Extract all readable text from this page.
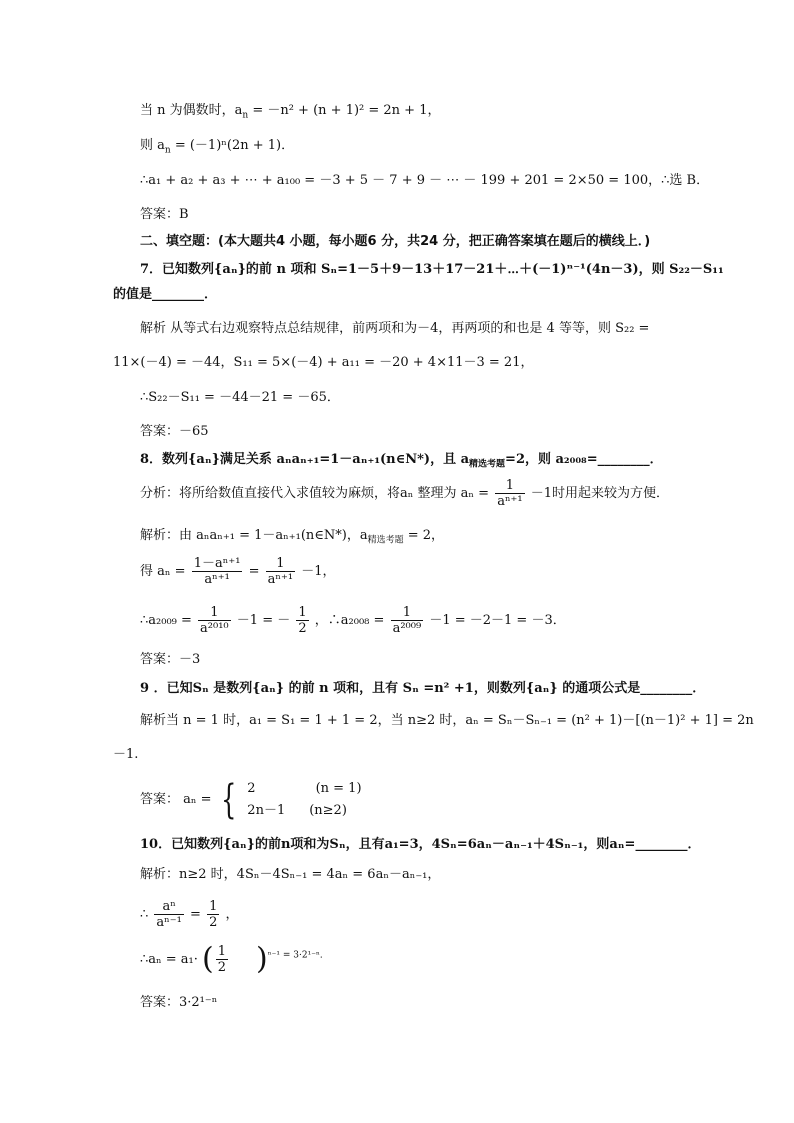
当 n 为偶数时，$a_n = -n^2 + (n + 1)^2 = 2n + 1$，
则 $a_n = (-1)^n(2n + 1)$．
∴a₁ + a₂ + a₃ + ⋯ + a₁₀₀ = －3 + 5 － 7 + 9 － ⋯ － 199 + 201 = 2×50 = 100，∴选 B．
答案：B
二、填空题：(本大题共4 小题，每小题6 分，共24 分，把正确答案填在题后的横线上．)
7．已知数列{aₙ}的前 n 项和 Sₙ=1－5＋9－13＋17－21＋⋯＋(－1)ⁿ⁻¹(4n－3)，则 S₂₂－S₁₁
的值是________．
解析 从等式右边观察特点总结规律，前两项和为－4，再两项的和也是 4 等等，则 S₂₂ =
11×(－4) = －44，S₁₁ = 5×(－4) + a₁₁ = －20 + 4×11－3 = 21，
∴S₂₂－S₁₁ = －44－21 = －65．
答案：－65
8．数列{aₙ}满足关系 aₙaₙ₊₁=1－aₙ₊₁(n∈N*)，且 $a_{精选考题}=2$，则 a₂₀₀₈=________．
分析：将所给数值直接代入求值较为麻烦，将aₙ 整理为 $a_n = \frac{1}{\text{aⁿ⁺¹}} -1$时用起来较为方便．
解析：由 aₙaₙ₊₁ = 1－aₙ₊₁(n∈N*)，$a_{精选考题} = 2$，
得 $a_n = \frac{\text{1－aⁿ⁺¹}}{\text{aⁿ⁺¹}} = \frac{1}{\text{aⁿ⁺¹}} -1$，
∴a₂₀₀₉ = $\frac{1}{\text{a²⁰¹⁰}} -1$ = － $\frac{1}{2}$ ，∴a₂₀₀₈ = $\frac{1}{\text{a²⁰⁰⁹}} -1 = -2-1 = -3$．
答案：－3
9 ．已知Sₙ 是数列{aₙ} 的前 n 项和，且有 Sₙ =n² +1，则数列{aₙ} 的通项公式是________．
解析当 n = 1 时，a₁ = S₁ = 1 + 1 = 2，当 n≥2 时，aₙ = Sₙ－Sₙ₋₁ = (n² + 1)－[(n－1)² + 1] = 2n
－1.
答案： aₙ = { 2	(n = 1)
2n－1 (n≥2)
10．已知数列{aₙ}的前n项和为Sₙ，且有a₁=3，4Sₙ=6aₙ－aₙ₋₁＋4Sₙ₋₁，则aₙ=________．
解析：n≥2 时，4Sₙ－4Sₙ₋₁ = 4aₙ = 6aₙ－aₙ₋₁，
∴ $\frac{\text{aⁿ}}{\text{aⁿ⁻¹}} = \frac{1}{2}$ ，
∴aₙ = a₁· ( $\frac{1}{2} )^{^{n-1} = 3\cdot 2^{1-n}.}$
答案：3·2¹⁻ⁿ
